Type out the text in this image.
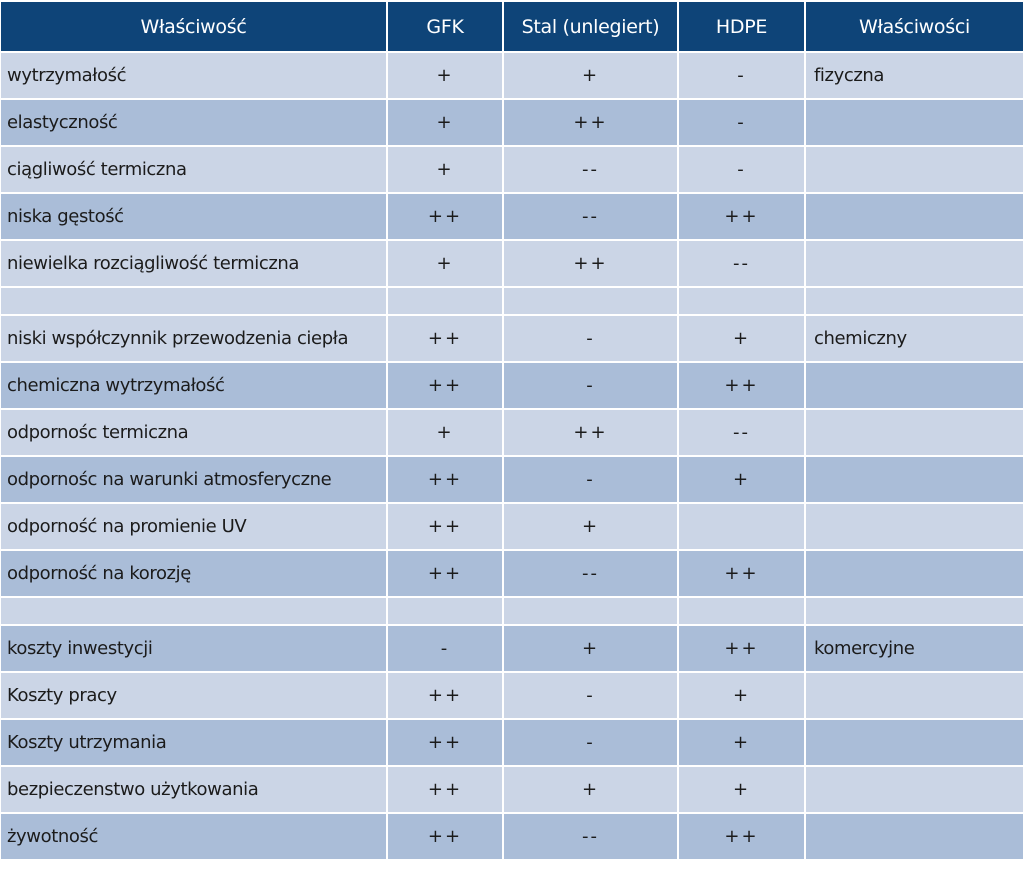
Właściwość	GFK	Stal (unlegiert)	HDPE	Właściwości
wytrzymałość	+	+	-	fizyczna
elastyczność	+	++	-	
ciągliwość termiczna	+	--	-	
niska gęstość	++	--	++	
niewielka rozciągliwość termiczna	+	++	--	

niski współczynnik przewodzenia ciepła	++	-	+	chemiczny
chemiczna wytrzymałość	++	-	++	
odpornośc termiczna	+	++	--	
odpornośc na warunki atmosferyczne	++	-	+	
odporność na promienie UV	++	+		
odporność na korozję	++	--	++	

koszty inwestycji	-	+	++	komercyjne
Koszty pracy	++	-	+	
Koszty utrzymania	++	-	+	
bezpieczenstwo użytkowania	++	+	+	
żywotność	++	--	++	
